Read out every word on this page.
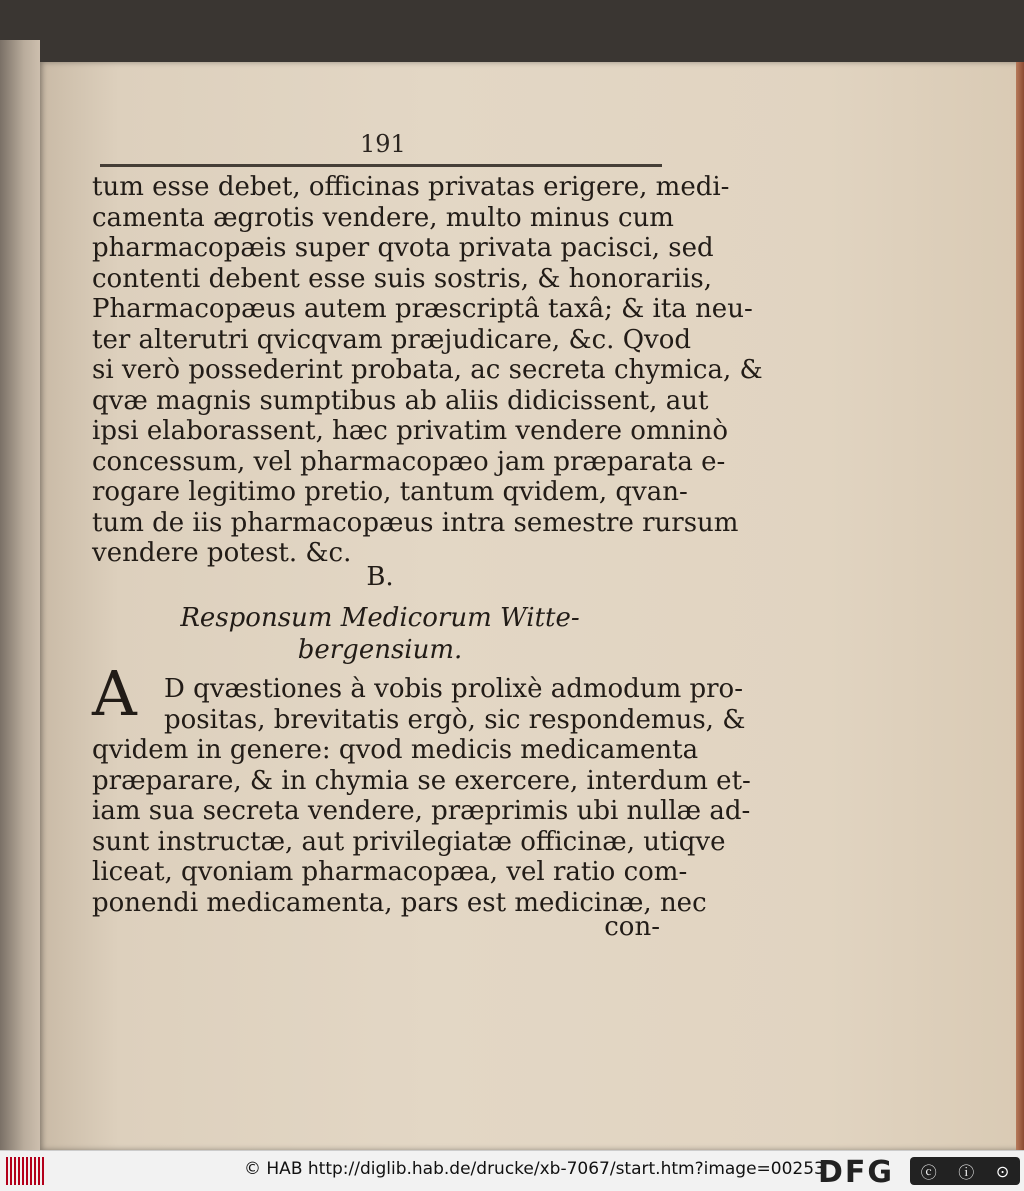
191
tum esse debet, officinas privatas erigere, medi-
camenta ægrotis vendere, multo minus cum
pharmacopæis super qvota privata pacisci, sed
contenti debent esse suis sostris, & honorariis,
Pharmacopæus autem præscriptâ taxâ; & ita neu-
ter alterutri qvicqvam præjudicare, &c. Qvod
si verò possederint probata, ac secreta chymica, &
qvæ magnis sumptibus ab aliis didicissent, aut
ipsi elaborassent, hæc privatim vendere omninò
concessum, vel pharmacopæo jam præparata e-
rogare legitimo pretio, tantum qvidem, qvan-
tum de iis pharmacopæus intra semestre rursum
vendere potest. &c.
B.
Responsum Medicorum Witte-
bergensium.
A	D qvæstiones à vobis prolixè admodum pro-
positas, brevitatis ergò, sic respondemus, &
qvidem in genere: qvod medicis medicamenta
præparare, & in chymia se exercere, interdum et-
iam sua secreta vendere, præprimis ubi nullæ ad-
sunt instructæ, aut privilegiatæ officinæ, utiqve
liceat, qvoniam pharmacopæa, vel ratio com-
ponendi medicamenta, pars est medicinæ, nec
con-
© HAB http://diglib.hab.de/drucke/xb-7067/start.htm?image=00253
DFG ⓒ ⓘ ⊙
